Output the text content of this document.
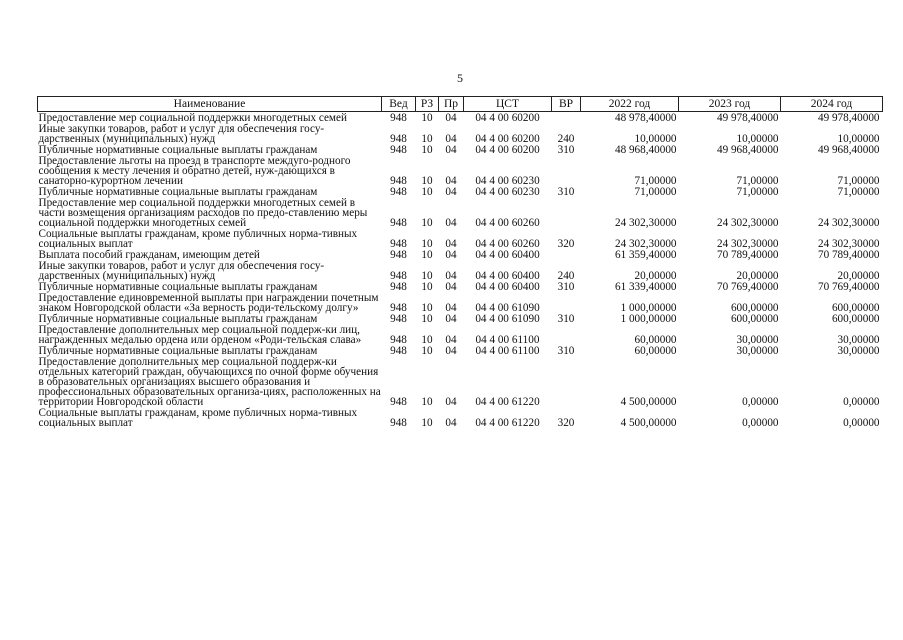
5
Наименование	Вед	РЗ	Пр	ЦСТ	ВР	2022 год	2023 год	2024 год
Предоставление мер социальной поддержки многодетных семей	948	10	04	04 4 00 60200		48 978,40000	49 978,40000	49 978,40000
Иные закупки товаров, работ и услуг для обеспечения госу-дарственных (муниципальных) нужд	948	10	04	04 4 00 60200	240	10,00000	10,00000	10,00000
Публичные нормативные социальные выплаты гражданам	948	10	04	04 4 00 60200	310	48 968,40000	49 968,40000	49 968,40000
Предоставление льготы на проезд в транспорте междуго-родного сообщения к месту лечения и обратно детей, нуж-дающихся в санаторно-курортном лечении	948	10	04	04 4 00 60230		71,00000	71,00000	71,00000
Публичные нормативные социальные выплаты гражданам	948	10	04	04 4 00 60230	310	71,00000	71,00000	71,00000
Предоставление мер социальной поддержки многодетных семей в части возмещения организациям расходов по предо-ставлению меры социальной поддержки многодетных семей	948	10	04	04 4 00 60260		24 302,30000	24 302,30000	24 302,30000
Социальные выплаты гражданам, кроме публичных норма-тивных социальных выплат	948	10	04	04 4 00 60260	320	24 302,30000	24 302,30000	24 302,30000
Выплата пособий гражданам, имеющим детей	948	10	04	04 4 00 60400		61 359,40000	70 789,40000	70 789,40000
Иные закупки товаров, работ и услуг для обеспечения госу-дарственных (муниципальных) нужд	948	10	04	04 4 00 60400	240	20,00000	20,00000	20,00000
Публичные нормативные социальные выплаты гражданам	948	10	04	04 4 00 60400	310	61 339,40000	70 769,40000	70 769,40000
Предоставление единовременной выплаты при награждении почетным знаком Новгородской области «За верность роди-тельскому долгу»	948	10	04	04 4 00 61090		1 000,00000	600,00000	600,00000
Публичные нормативные социальные выплаты гражданам	948	10	04	04 4 00 61090	310	1 000,00000	600,00000	600,00000
Предоставление дополнительных мер социальной поддерж-ки лиц, награжденных медалью ордена или орденом «Роди-тельская слава»	948	10	04	04 4 00 61100		60,00000	30,00000	30,00000
Публичные нормативные социальные выплаты гражданам	948	10	04	04 4 00 61100	310	60,00000	30,00000	30,00000
Предоставление дополнительных мер социальной поддерж-ки отдельных категорий граждан, обучающихся по очной форме обучения в образовательных организациях высшего образования и профессиональных образовательных организа-циях, расположенных на территории Новгородской области	948	10	04	04 4 00 61220		4 500,00000	0,00000	0,00000
Социальные выплаты гражданам, кроме публичных норма-тивных социальных выплат	948	10	04	04 4 00 61220	320	4 500,00000	0,00000	0,00000
